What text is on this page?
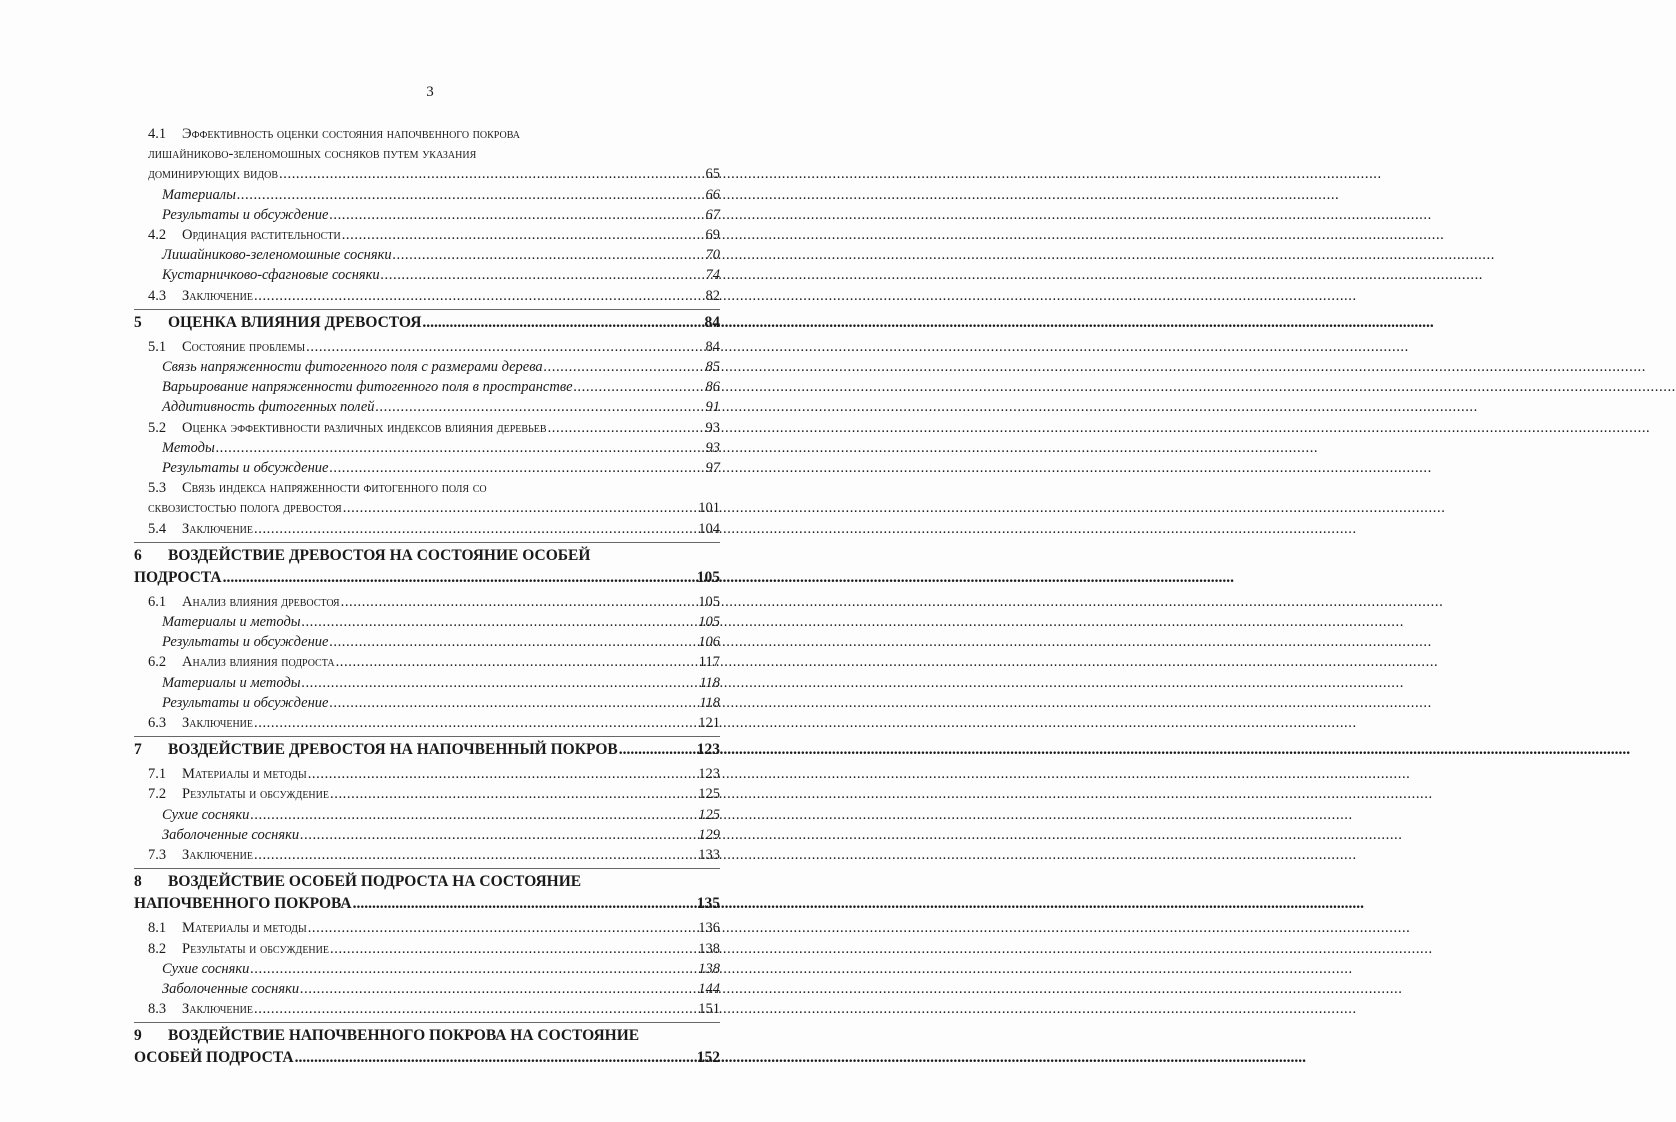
3
4.1	Эффективность оценки состояния напочвенного покрова
лишайниково-зеленомошных сосняков путем указания
доминирующих видов .....	65
Материалы .....	66
Результаты и обсуждение .....	67
4.2	Ординация растительности .....	69
Лишайниково-зеленомошные сосняки .....	70
Кустарничково-сфагновые сосняки .....	74
4.3	Заключение .....	82
5	ОЦЕНКА ВЛИЯНИЯ ДРЕВОСТОЯ .....	84
5.1	Состояние проблемы .....	84
Связь напряженности фитогенного поля с размерами дерева .....	85
Варьирование напряженности фитогенного поля в пространстве .....	86
Аддитивность фитогенных полей .....	91
5.2	Оценка эффективности различных индексов влияния деревьев .....	93
Методы .....	93
Результаты и обсуждение .....	97
5.3	Связь индекса напряженности фитогенного поля со
сквозистостью полога древостоя .....	101
5.4	Заключение .....	104
6	ВОЗДЕЙСТВИЕ ДРЕВОСТОЯ НА СОСТОЯНИЕ ОСОБЕЙ
ПОДРОСТА .....	105
6.1	Анализ влияния древостоя .....	105
Материалы и методы .....	105
Результаты и обсуждение .....	106
6.2	Анализ влияния подроста .....	117
Материалы и методы .....	118
Результаты и обсуждение .....	118
6.3	Заключение .....	121
7	ВОЗДЕЙСТВИЕ ДРЕВОСТОЯ НА НАПОЧВЕННЫЙ ПОКРОВ .....	123
7.1	Материалы и методы .....	123
7.2	Результаты и обсуждение .....	125
Сухие сосняки .....	125
Заболоченные сосняки .....	129
7.3	Заключение .....	133
8	ВОЗДЕЙСТВИЕ ОСОБЕЙ ПОДРОСТА НА СОСТОЯНИЕ
НАПОЧВЕННОГО ПОКРОВА .....	135
8.1	Материалы и методы .....	136
8.2	Результаты и обсуждение .....	138
Сухие сосняки .....	138
Заболоченные сосняки .....	144
8.3	Заключение .....	151
9	ВОЗДЕЙСТВИЕ НАПОЧВЕННОГО ПОКРОВА НА СОСТОЯНИЕ
ОСОБЕЙ ПОДРОСТА .....	152
